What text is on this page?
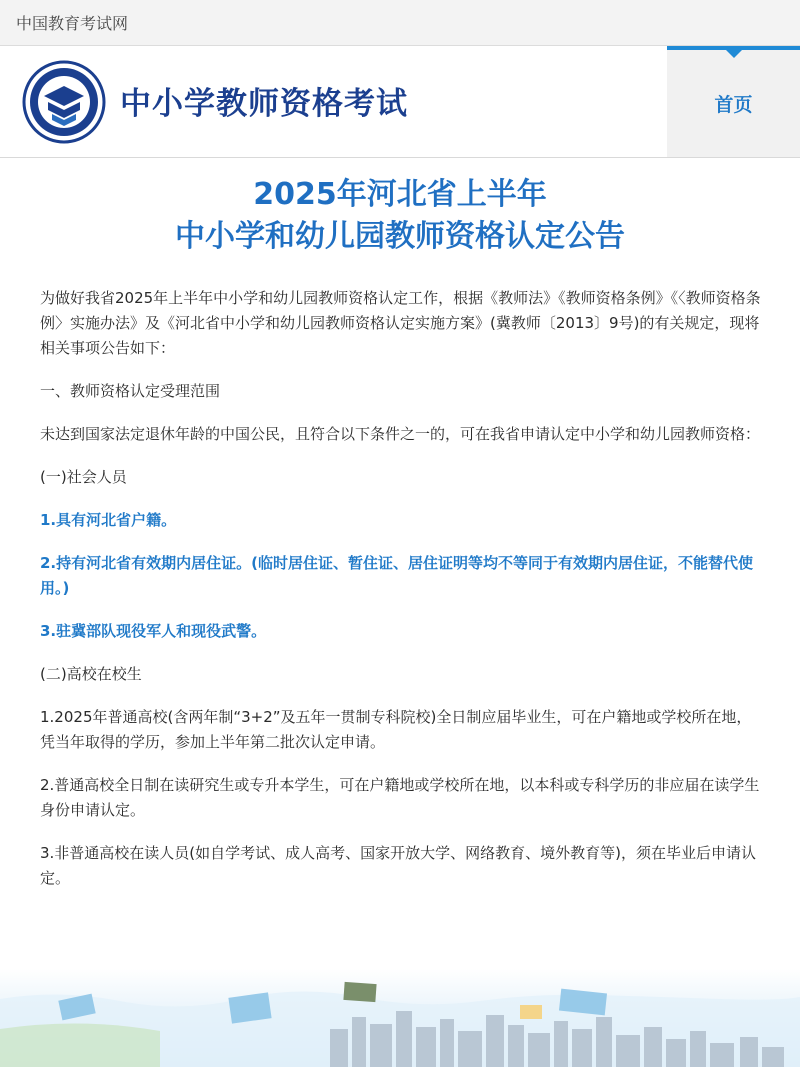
中国教育考试网
中小学教师资格考试	首页
2025年河北省上半年
中小学和幼儿园教师资格认定公告

为做好我省2025年上半年中小学和幼儿园教师资格认定工作，根据《教师法》《教师资格条例》《〈教师资格条例〉实施办法》及《河北省中小学和幼儿园教师资格认定实施方案》(冀教师〔2013〕9号)的有关规定，现将相关事项公告如下：

一、教师资格认定受理范围

未达到国家法定退休年龄的中国公民，且符合以下条件之一的，可在我省申请认定中小学和幼儿园教师资格：

(一)社会人员

1.具有河北省户籍。

2.持有河北省有效期内居住证。(临时居住证、暂住证、居住证明等均不等同于有效期内居住证，不能替代使用。)

3.驻冀部队现役军人和现役武警。

(二)高校在校生

1.2025年普通高校(含两年制“3+2”及五年一贯制专科院校)全日制应届毕业生，可在户籍地或学校所在地，凭当年取得的学历，参加上半年第二批次认定申请。

2.普通高校全日制在读研究生或专升本学生，可在户籍地或学校所在地，以本科或专科学历的非应届在读学生身份申请认定。

3.非普通高校在读人员(如自学考试、成人高考、国家开放大学、网络教育、境外教育等)，须在毕业后申请认定。
